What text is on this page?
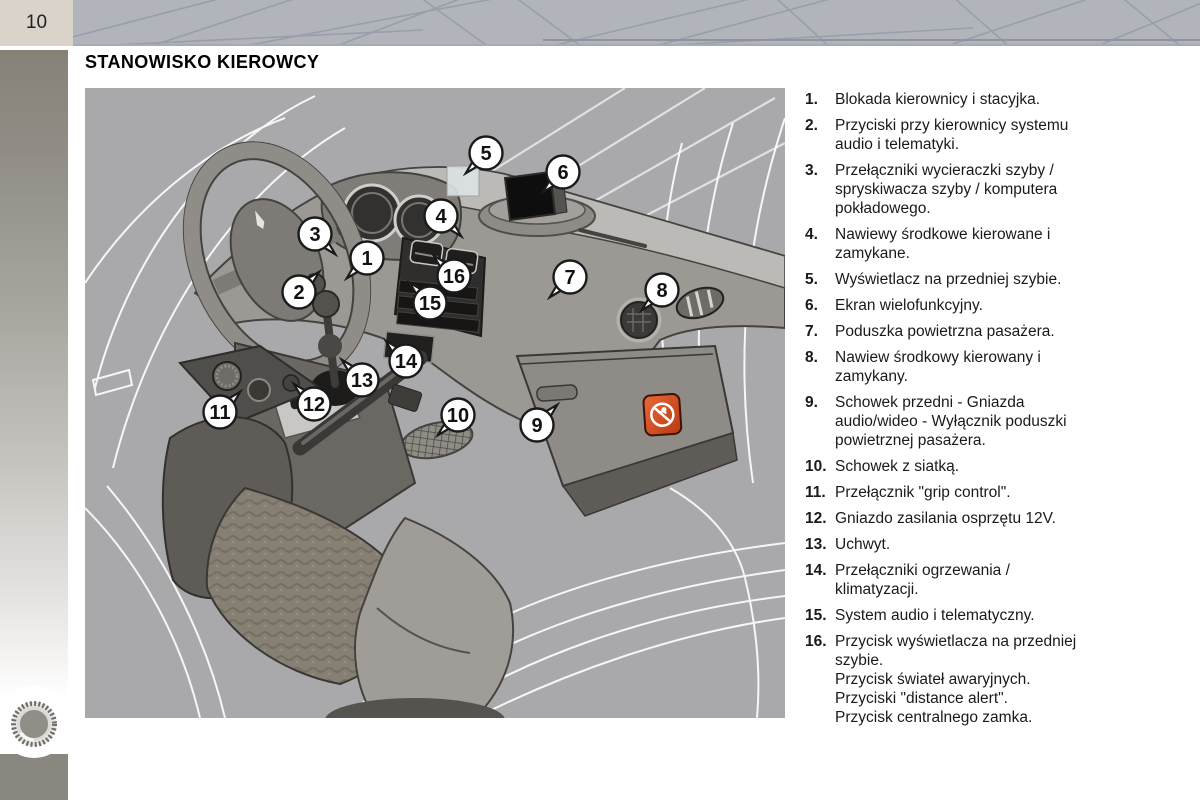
10
STANOWISKO KIEROWCY
1
2
3
4
5
6
7
8
9
10
11	12
13
14
15
16
1.	Blokada kierownicy i stacyjka.
2.	Przyciski przy kierownicy systemu audio i telematyki.
3.	Przełączniki wycieraczki szyby / spryskiwacza szyby / komputera pokładowego.
4.	Nawiewy środkowe kierowane i zamykane.
5.	Wyświetlacz na przedniej szybie.
6.	Ekran wielofunkcyjny.
7.	Poduszka powietrzna pasażera.
8.	Nawiew środkowy kierowany i zamykany.
9.	Schowek przedni - Gniazda audio/wideo - Wyłącznik poduszki powietrznej pasażera.
10. Schowek z siatką.
11. Przełącznik "grip control".
12. Gniazdo zasilania osprzętu 12V.
13. Uchwyt.
14. Przełączniki ogrzewania / klimatyzacji.
15. System audio i telematyczny.
16. Przycisk wyświetlacza na przedniej szybie.
Przycisk świateł awaryjnych.
Przyciski "distance alert".
Przycisk centralnego zamka.
